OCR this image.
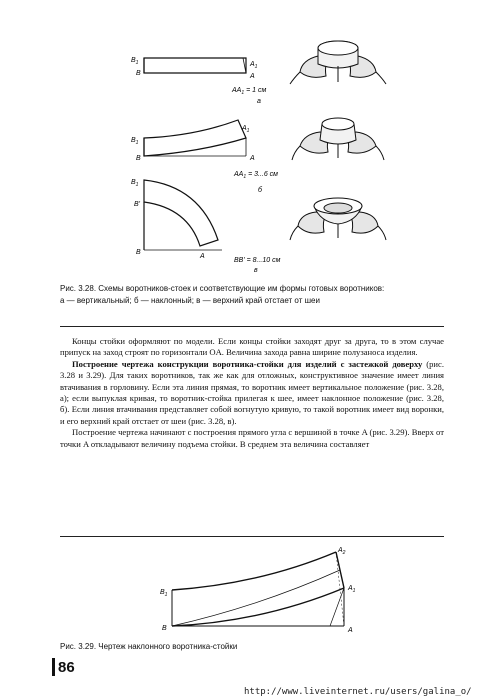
$B_1$
B
$A_1$
A
$AA_1 = 1$ см
а
$B_1$
B
$A_1$
A
$AA_1 = 3...6$ см
б
$B_1$
B'
B
A
BB' = 8...10 см
в
Рис. 3.28. Схемы воротников-стоек и соответствующие им формы готовых воротников:
а — вертикальный; б — наклонный; в — верхний край отстает от шеи

Концы стойки оформляют по модели. Если концы стойки заходят друг за друга, то в этом случае припуск на заход строят по горизонтали OA. Величина захода равна ширине полузаноса изделия.

Построение чертежа конструкции воротника-стойки для изделий с застежкой доверху (рис. 3.28 и 3.29). Для таких воротников, так же как для отложных, конструктивное значение имеет линия втачивания в горловину. Если эта линия прямая, то воротник имеет вертикальное положение (рис. 3.28, а); если выпуклая кривая, то воротник-стойка прилегая к шее, имеет наклонное положение (рис. 3.28, б). Если линия втачивания представляет собой вогнутую кривую, то такой воротник имеет вид воронки, и его верхний край отстает от шеи (рис. 3.28, в).

Построение чертежа начинают с построения прямого угла с вершиной в точке A (рис. 3.29). Вверх от точки A откладывают величину подъема стойки. В среднем эта величина составляет

$A_2$
$A_1$
$B_1$
B	A
Рис. 3.29. Чертеж наклонного воротника-стойки
86
http://www.liveinternet.ru/users/galina_o/
